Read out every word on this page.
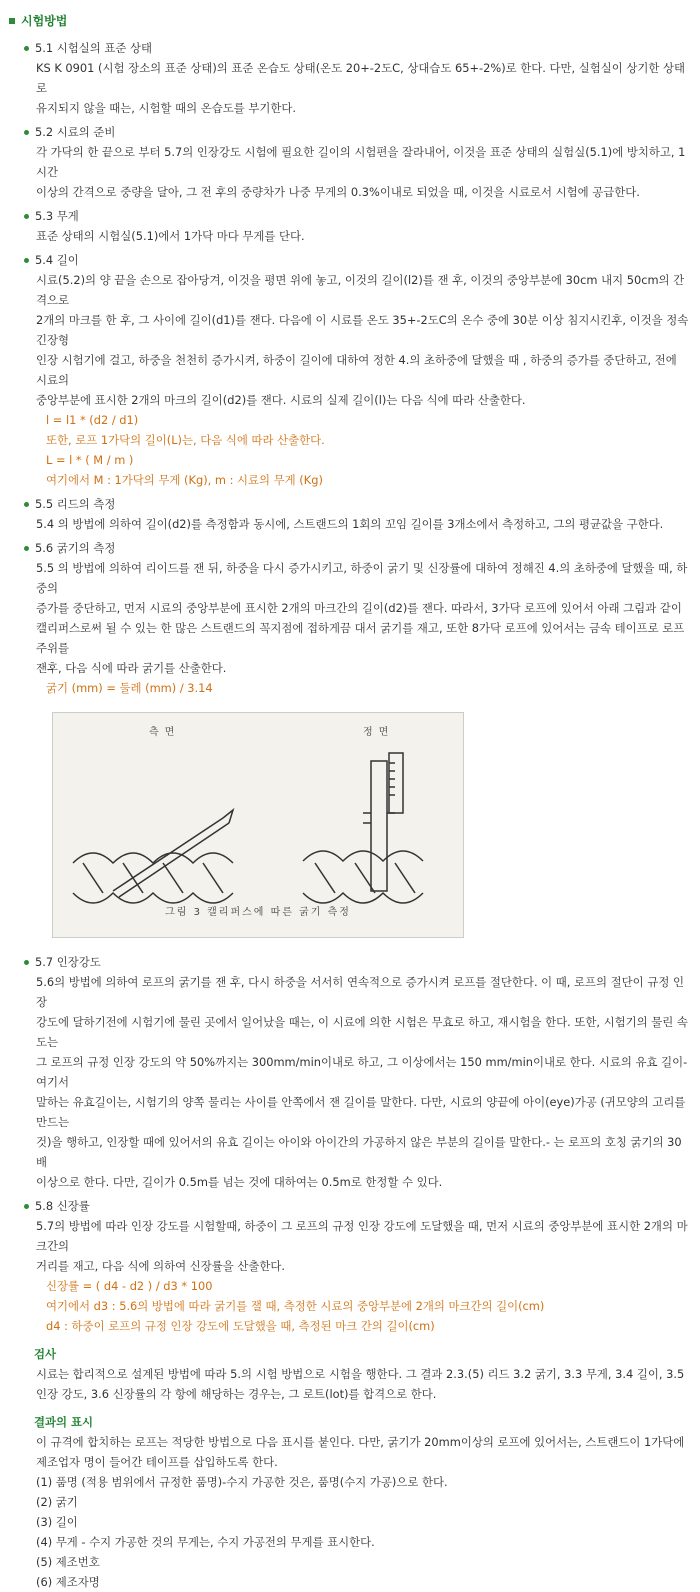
시험방법
5.1 시험실의 표준 상태
KS K 0901 (시험 장소의 표준 상태)의 표준 온습도 상태(온도 20+-2도C, 상대습도 65+-2%)로 한다. 다만, 실험실이 상기한 상태로
유지되지 않을 때는, 시험할 때의 온습도를 부기한다.
5.2 시료의 준비
각 가닥의 한 끝으로 부터 5.7의 인장강도 시험에 필요한 길이의 시험편을 잘라내어, 이것을 표준 상태의 실험실(5.1)에 방치하고, 1시간
이상의 간격으로 중량을 달아, 그 전 후의 중량차가 나중 무게의 0.3%이내로 되었을 때, 이것을 시료로서 시험에 공급한다.
5.3 무게
표준 상태의 시험실(5.1)에서 1가닥 마다 무게를 단다.
5.4 길이
시료(5.2)의 양 끝을 손으로 잡아당겨, 이것을 평면 위에 놓고, 이것의 길이(l2)를 잰 후, 이것의 중앙부분에 30cm 내지 50cm의 간격으로
2개의 마크를 한 후, 그 사이에 길이(d1)를 잰다. 다음에 이 시료를 온도 35+-2도C의 온수 중에 30분 이상 침지시킨후, 이것을 정속 긴장형
인장 시험기에 걸고, 하중을 천천히 증가시켜, 하중이 길이에 대하여 정한 4.의 초하중에 달했을 때 , 하중의 증가를 중단하고, 전에 시료의
중앙부분에 표시한 2개의 마크의 길이(d2)를 잰다. 시료의 실제 길이(l)는 다음 식에 따라 산출한다.
l = l1 * (d2 / d1)
또한, 로프 1가닥의 길이(L)는, 다음 식에 따라 산출한다.
L = l * ( M / m )
여기에서 M : 1가닥의 무게 (Kg), m : 시료의 무게 (Kg)
5.5 리드의 측정
5.4 의 방법에 의하여 길이(d2)를 측정함과 동시에, 스트랜드의 1회의 꼬임 길이를 3개소에서 측정하고, 그의 평균값을 구한다.
5.6 굵기의 측정
5.5 의 방법에 의하여 리이드를 잰 뒤, 하중을 다시 증가시키고, 하중이 굵기 및 신장률에 대하여 정해진 4.의 초하중에 달했을 때, 하중의
증가를 중단하고, 먼저 시료의 중앙부분에 표시한 2개의 마크간의 길이(d2)를 잰다. 따라서, 3가닥 로프에 있어서 아래 그림과 같이
캘리퍼스로써 될 수 있는 한 많은 스트랜드의 꼭지점에 접하게끔 대서 굵기를 재고, 또한 8가닥 로프에 있어서는 금속 테이프로 로프 주위를
잰후, 다음 식에 따라 굵기를 산출한다.
굵기 (mm) = 둘레 (mm) / 3.14
측면	정면
그림 3 캘리퍼스에 따른 굵기 측정
5.7 인장강도
5.6의 방법에 의하여 로프의 굵기를 잰 후, 다시 하중을 서서히 연속적으로 증가시켜 로프를 절단한다. 이 때, 로프의 절단이 규정 인장
강도에 달하기전에 시험기에 물린 곳에서 일어났을 때는, 이 시료에 의한 시험은 무효로 하고, 재시험을 한다. 또한, 시험기의 물린 속도는
그 로프의 규정 인장 강도의 약 50%까지는 300mm/min이내로 하고, 그 이상에서는 150 mm/min이내로 한다. 시료의 유효 길이-여기서
말하는 유효길이는, 시험기의 양쪽 물리는 사이를 안쪽에서 잰 길이를 말한다. 다만, 시료의 양끝에 아이(eye)가공 (귀모양의 고리를 만드는
것)을 행하고, 인장할 때에 있어서의 유효 길이는 아이와 아이간의 가공하지 않은 부분의 길이를 말한다.- 는 로프의 호칭 굵기의 30배
이상으로 한다. 다만, 길이가 0.5m를 넘는 것에 대하여는 0.5m로 한정할 수 있다.
5.8 신장률
5.7의 방법에 따라 인장 강도를 시험할때, 하중이 그 로프의 규정 인장 강도에 도달했을 때, 먼저 시료의 중앙부분에 표시한 2개의 마크간의
거리를 재고, 다음 식에 의하여 신장률을 산출한다.
신장률 = ( d4 - d2 ) / d3 * 100
여기에서 d3 : 5.6의 방법에 따라 굵기를 잴 때, 측정한 시료의 중앙부분에 2개의 마크간의 길이(cm)
d4 : 하중이 로프의 규정 인장 강도에 도달했을 때, 측정된 마크 간의 길이(cm)
검사
시료는 합리적으로 설계된 방법에 따라 5.의 시험 방법으로 시험을 행한다. 그 결과 2.3.(5) 리드 3.2 굵기, 3.3 무게, 3.4 길이, 3.5
인장 강도, 3.6 신장률의 각 항에 해당하는 경우는, 그 로트(lot)를 합격으로 한다.
결과의 표시
이 규격에 합치하는 로프는 적당한 방법으로 다음 표시를 붙인다. 다만, 굵기가 20mm이상의 로프에 있어서는, 스트랜드이 1가닥에
제조업자 명이 들어간 테이프를 삽입하도록 한다.
(1) 품명 (적용 범위에서 규정한 품명)-수지 가공한 것은, 품명(수지 가공)으로 한다.
(2) 굵기
(3) 길이
(4) 무게 - 수지 가공한 것의 무게는, 수지 가공전의 무게를 표시한다.
(5) 제조번호
(6) 제조자명
